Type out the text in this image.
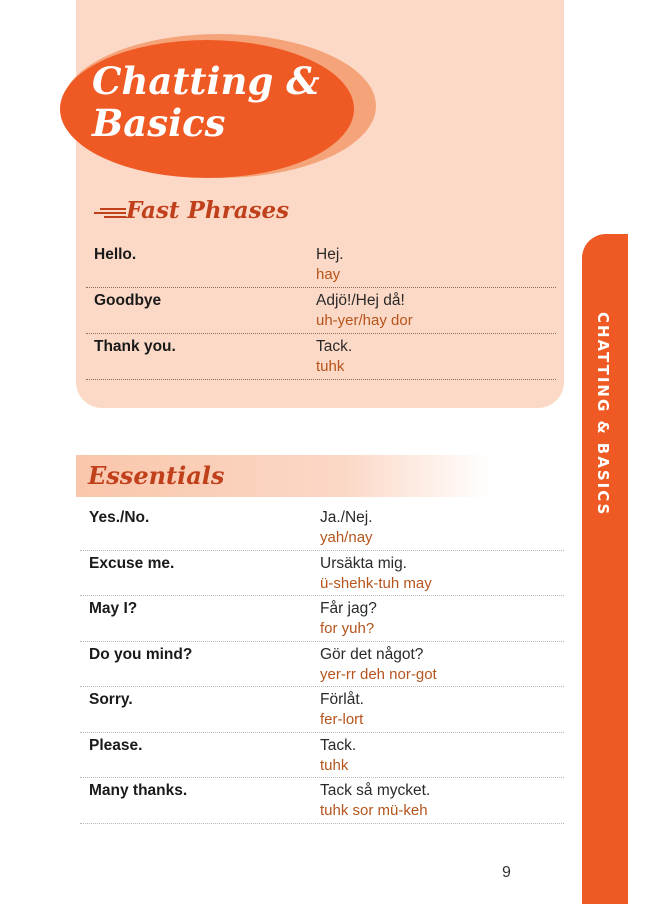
Chatting & Basics
Fast Phrases
Hello.	Hej.
hay
Goodbye	Adjö!/Hej då!
uh-yer/hay dor
Thank you.	Tack.
tuhk
Essentials
Yes./No.	Ja./Nej.
yah/nay
Excuse me.	Ursäkta mig.
ü-shehk-tuh may
May I?	Får jag?
for yuh?
Do you mind?	Gör det något?
yer-rr deh nor-got
Sorry.	Förlåt.
fer-lort
Please.	Tack.
tuhk
Many thanks.	Tack så mycket.
tuhk sor mü-keh
CHATTING & BASICS
9
